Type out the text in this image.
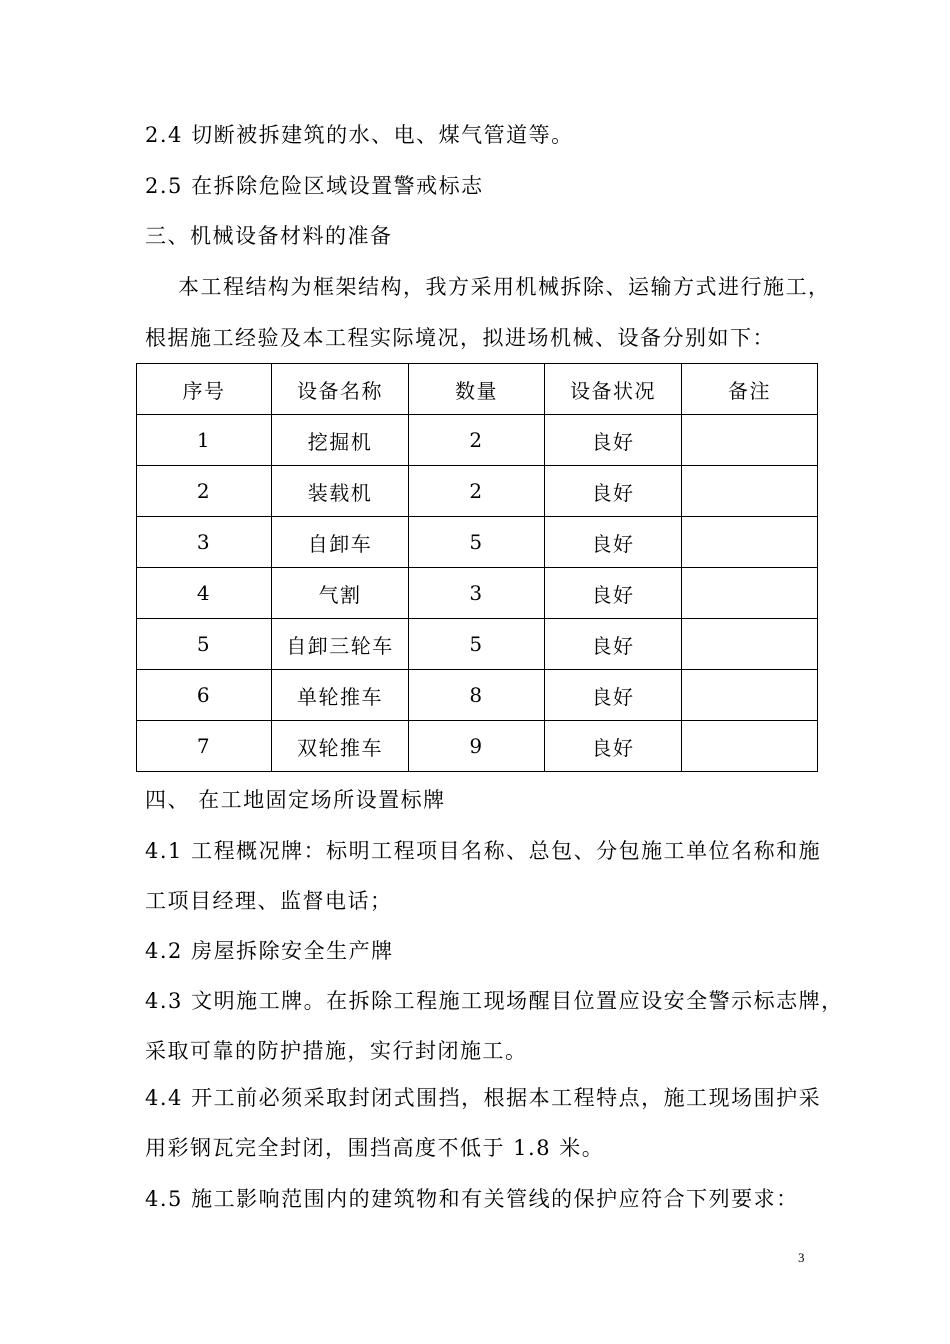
2.4 切断被拆建筑的水、电、煤气管道等。
2.5 在拆除危险区域设置警戒标志
三、机械设备材料的准备
本工程结构为框架结构，我方采用机械拆除、运输方式进行施工，
根据施工经验及本工程实际境况，拟进场机械、设备分别如下：
序号	设备名称	数量	设备状况	备注
1	挖掘机	2	良好	
2	装载机	2	良好	
3	自卸车	5	良好	
4	气割	3	良好	
5	自卸三轮车	5	良好	
6	单轮推车	8	良好	
7	双轮推车	9	良好	
四、 在工地固定场所设置标牌
4.1 工程概况牌：标明工程项目名称、总包、分包施工单位名称和施
工项目经理、监督电话；
4.2 房屋拆除安全生产牌
4.3 文明施工牌。在拆除工程施工现场醒目位置应设安全警示标志牌，
采取可靠的防护措施，实行封闭施工。
4.4 开工前必须采取封闭式围挡，根据本工程特点，施工现场围护采
用彩钢瓦完全封闭，围挡高度不低于 1.8 米。
4.5 施工影响范围内的建筑物和有关管线的保护应符合下列要求：
3
